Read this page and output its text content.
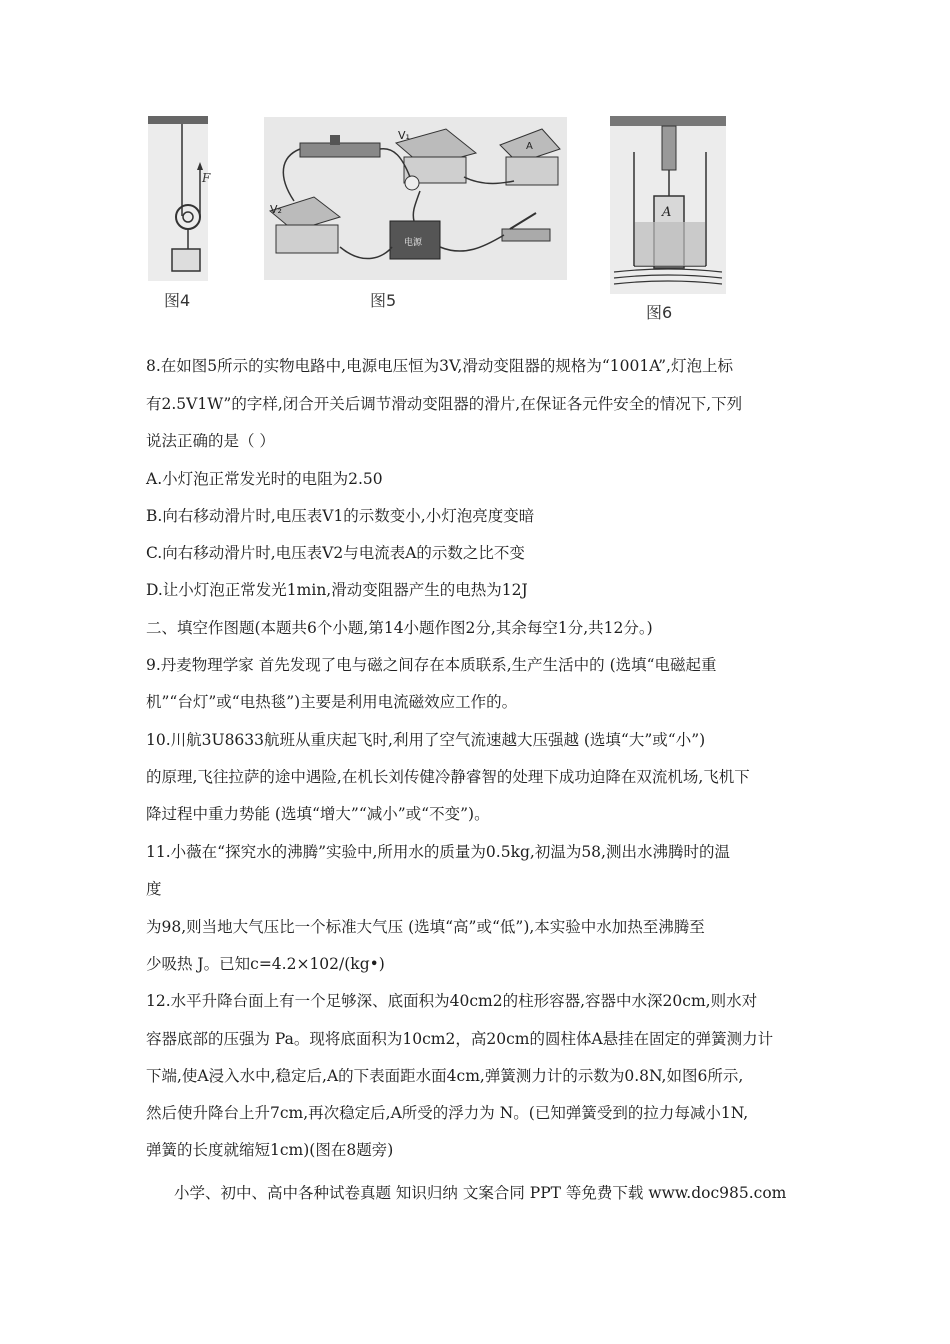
F
图4
V₁
A
V₂
电源
图5
A
图6
8.在如图5所示的实物电路中,电源电压恒为3V,滑动变阻器的规格为“1001A”,灯泡上标
有2.5V1W”的字样,闭合开关后调节滑动变阻器的滑片,在保证各元件安全的情况下,下列
说法正确的是（ ）
A.小灯泡正常发光时的电阻为2.50
B.向右移动滑片时,电压表V1的示数变小,小灯泡亮度变暗
C.向右移动滑片时,电压表V2与电流表A的示数之比不变
D.让小灯泡正常发光1min,滑动变阻器产生的电热为12J
二、填空作图题(本题共6个小题,第14小题作图2分,其余每空1分,共12分。)
9.丹麦物理学家 首先发现了电与磁之间存在本质联系,生产生活中的 (选填“电磁起重
机”“台灯”或“电热毯”)主要是利用电流磁效应工作的。
10.川航3U8633航班从重庆起飞时,利用了空气流速越大压强越 (选填“大”或“小”)
的原理,飞往拉萨的途中遇险,在机长刘传健冷静睿智的处理下成功迫降在双流机场,飞机下
降过程中重力势能 (选填“增大”“减小”或“不变”)。
11.小薇在“探究水的沸腾”实验中,所用水的质量为0.5kg,初温为58,测出水沸腾时的温
度
为98,则当地大气压比一个标准大气压 (选填“高”或“低”),本实验中水加热至沸腾至
少吸热 J。已知c=4.2×102/(kg•)
12.水平升降台面上有一个足够深、底面积为40cm2的柱形容器,容器中水深20cm,则水对
容器底部的压强为 Pa。现将底面积为10cm2，高20cm的圆柱体A悬挂在固定的弹簧测力计
下端,使A浸入水中,稳定后,A的下表面距水面4cm,弹簧测力计的示数为0.8N,如图6所示,
然后使升降台上升7cm,再次稳定后,A所受的浮力为 N。(已知弹簧受到的拉力每减小1N,
弹簧的长度就缩短1cm)(图在8题旁)
小学、初中、高中各种试卷真题 知识归纳 文案合同 PPT 等免费下载 www.doc985.com
